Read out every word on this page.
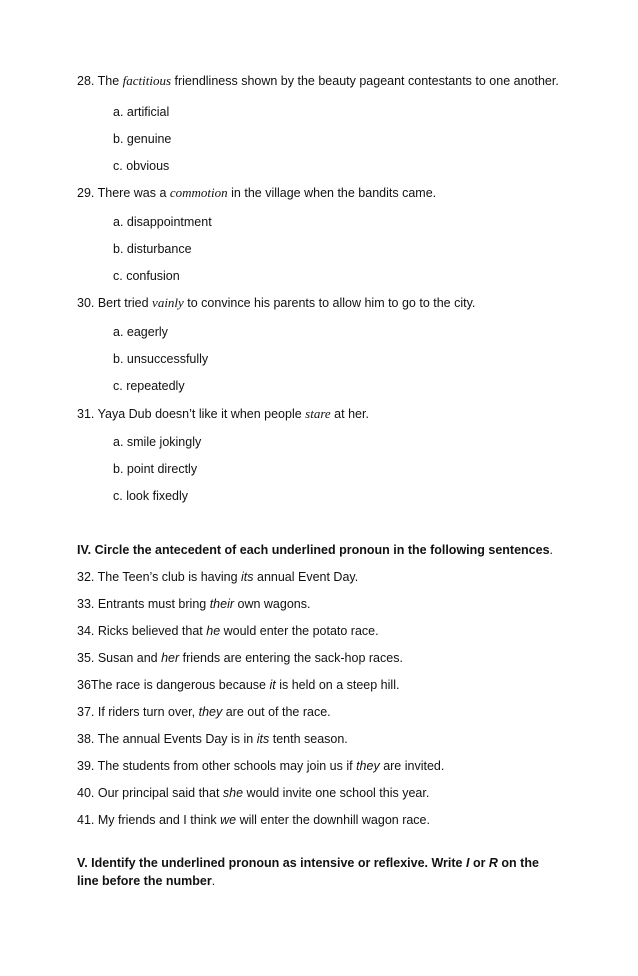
28. The factitious friendliness shown by the beauty pageant contestants to one another.
a. artificial
b. genuine
c. obvious
29. There was a commotion in the village when the bandits came.
a. disappointment
b. disturbance
c. confusion
30. Bert tried vainly to convince his parents to allow him to go to the city.
a. eagerly
b. unsuccessfully
c. repeatedly
31. Yaya Dub doesn’t like it when people stare at her.
a. smile jokingly
b. point directly
c. look fixedly
IV. Circle the antecedent of each underlined pronoun in the following sentences.
32. The Teen’s club is having its annual Event Day.
33. Entrants must bring their own wagons.
34. Ricks believed that he would enter the potato race.
35. Susan and her friends are entering the sack-hop races.
36The race is dangerous because it is held on a steep hill.
37. If riders turn over, they are out of the race.
38. The annual Events Day is in its tenth season.
39. The students from other schools may join us if they are invited.
40. Our principal said that she would invite one school this year.
41. My friends and I think we will enter the downhill wagon race.
V. Identify the underlined pronoun as intensive or reflexive. Write I or R on the
line before the number.
